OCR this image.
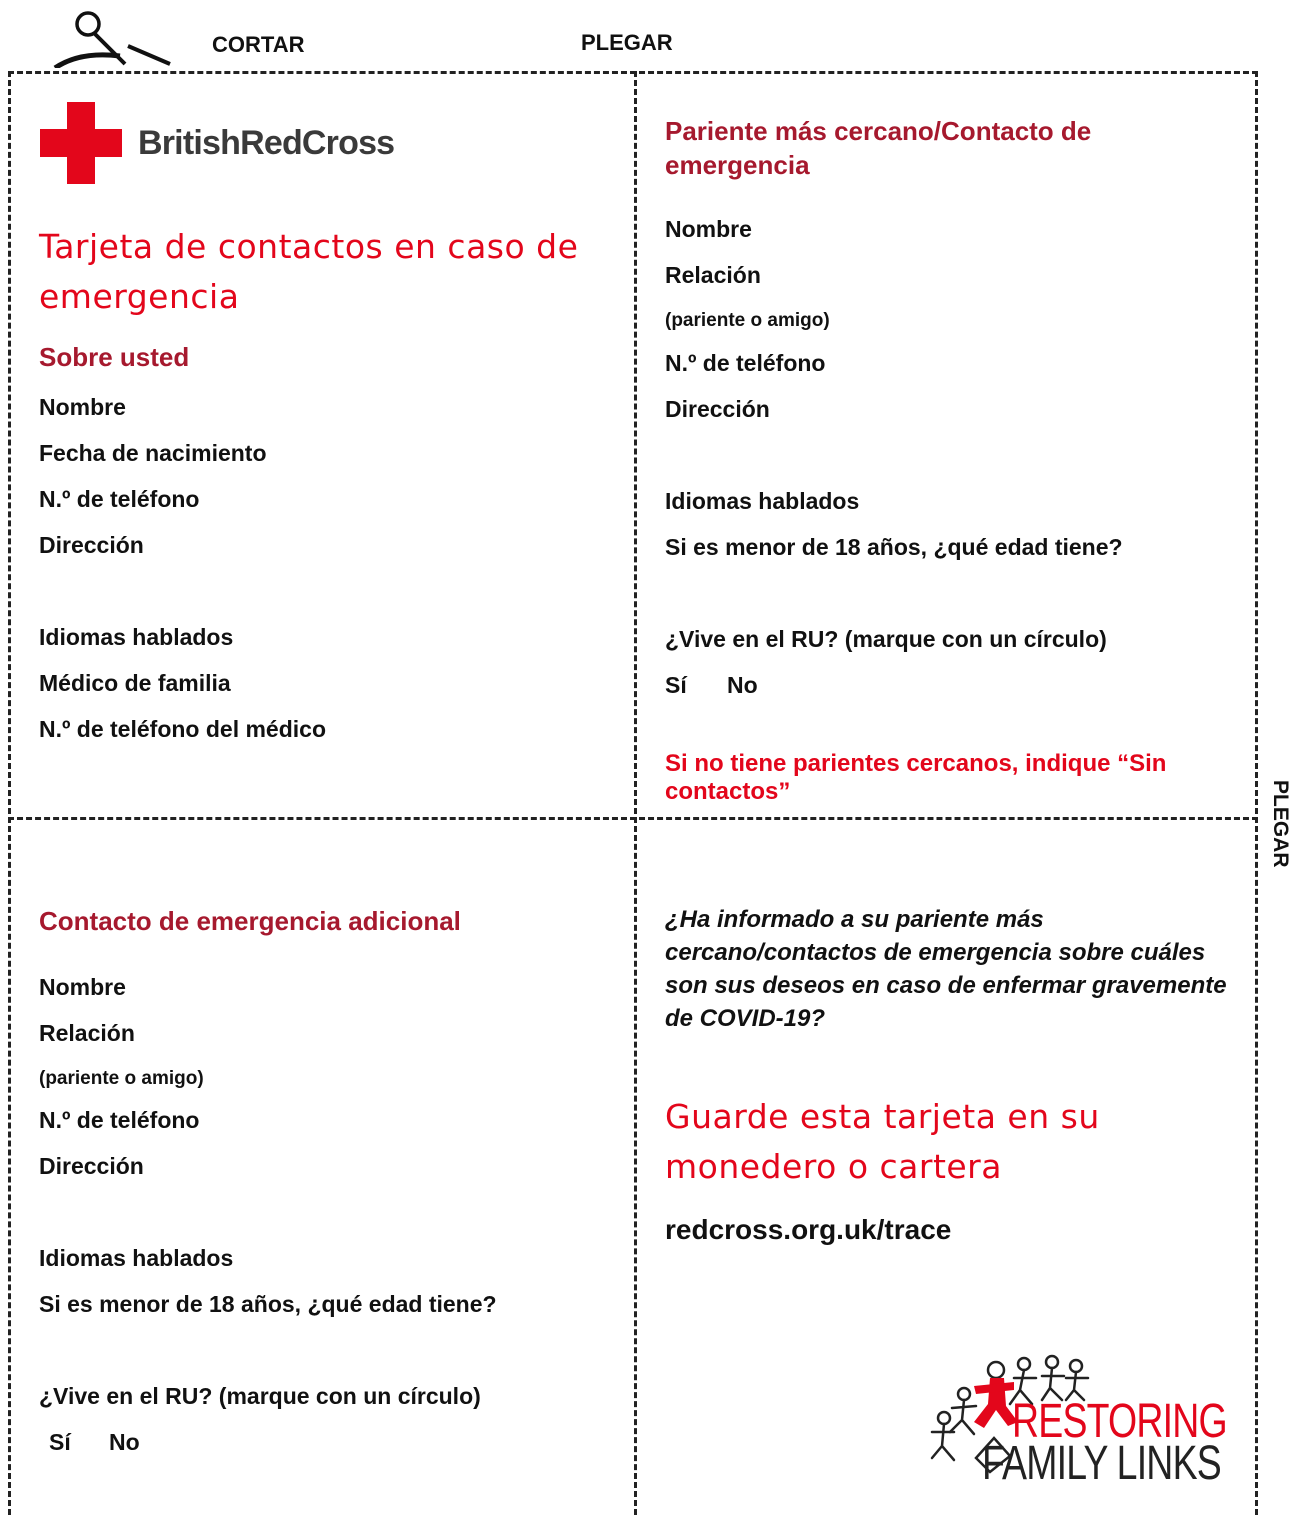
CORTAR	PLEGAR
PLEGAR
BritishRedCross
Tarjeta de contactos en caso de emergencia
Sobre usted
Nombre
Fecha de nacimiento
N.º de teléfono
Dirección
Idiomas hablados
Médico de familia
N.º de teléfono del médico
Pariente más cercano/Contacto de emergencia
Nombre
Relación
(pariente o amigo)
N.º de teléfono
Dirección
Idiomas hablados
Si es menor de 18 años, ¿qué edad tiene?
¿Vive en el RU? (marque con un círculo)
Sí No
Si no tiene parientes cercanos, indique “Sin contactos”
Contacto de emergencia adicional
Nombre
Relación
(pariente o amigo)
N.º de teléfono
Dirección
Idiomas hablados
Si es menor de 18 años, ¿qué edad tiene?
¿Vive en el RU? (marque con un círculo)
Sí No
¿Ha informado a su pariente más cercano/contactos de emergencia sobre cuáles son sus deseos en caso de enfermar gravemente de COVID-19?
Guarde esta tarjeta en su monedero o cartera
redcross.org.uk/trace
RESTORING
FAMILY LINKS
